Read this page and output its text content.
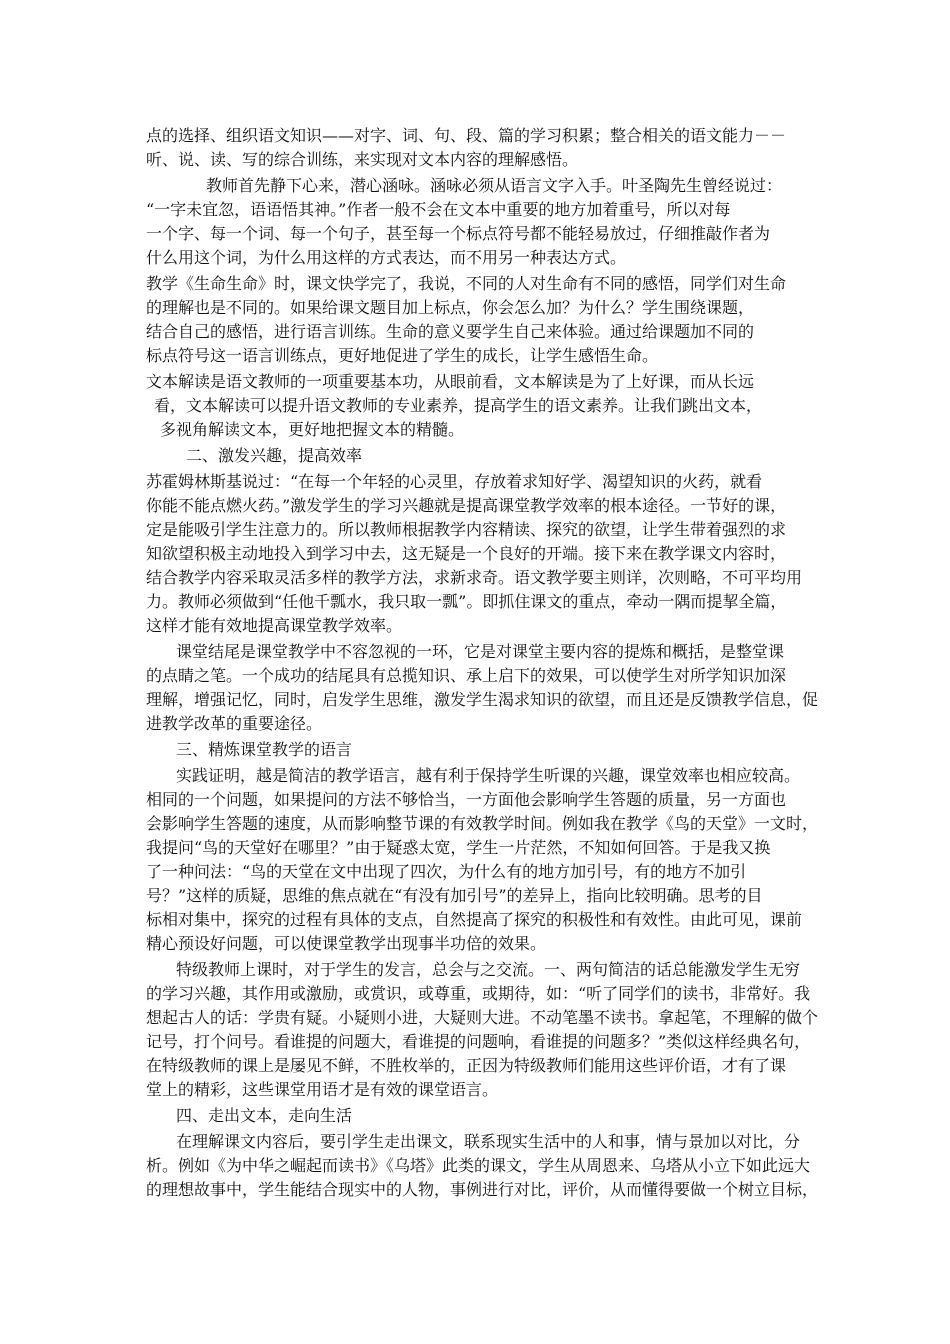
点的选择、组织语文知识——对字、词、句、段、篇的学习积累；整合相关的语文能力－－
听、说、读、写的综合训练，来实现对文本内容的理解感悟。
教师首先静下心来，潜心涵咏。涵咏必须从语言文字入手。叶圣陶先生曾经说过：
“一字未宜忽，语语悟其神。”作者一般不会在文本中重要的地方加着重号，所以对每
一个字、每一个词、每一个句子，甚至每一个标点符号都不能轻易放过，仔细推敲作者为
什么用这个词，为什么用这样的方式表达，而不用另一种表达方式。
教学《生命生命》时，课文快学完了，我说，不同的人对生命有不同的感悟，同学们对生命
的理解也是不同的。如果给课文题目加上标点，你会怎么加？为什么？学生围绕课题，
结合自己的感悟，进行语言训练。生命的意义要学生自己来体验。通过给课题加不同的
标点符号这一语言训练点，更好地促进了学生的成长，让学生感悟生命。
文本解读是语文教师的一项重要基本功，从眼前看，文本解读是为了上好课，而从长远
看，文本解读可以提升语文教师的专业素养，提高学生的语文素养。让我们跳出文本，
多视角解读文本，更好地把握文本的精髓。
二、激发兴趣，提高效率
苏霍姆林斯基说过：“在每一个年轻的心灵里，存放着求知好学、渴望知识的火药，就看
你能不能点燃火药。”激发学生的学习兴趣就是提高课堂教学效率的根本途径。一节好的课，
定是能吸引学生注意力的。所以教师根据教学内容精读、探究的欲望，让学生带着强烈的求
知欲望积极主动地投入到学习中去，这无疑是一个良好的开端。接下来在教学课文内容时，
结合教学内容采取灵活多样的教学方法，求新求奇。语文教学要主则详，次则略，不可平均用
力。教师必须做到“任他千瓢水，我只取一瓢”。即抓住课文的重点，牵动一隅而提挈全篇，
这样才能有效地提高课堂教学效率。
课堂结尾是课堂教学中不容忽视的一环，它是对课堂主要内容的提炼和概括，是整堂课
的点睛之笔。一个成功的结尾具有总揽知识、承上启下的效果，可以使学生对所学知识加深
理解，增强记忆，同时，启发学生思维，激发学生渴求知识的欲望，而且还是反馈教学信息，促
进教学改革的重要途径。
三、精炼课堂教学的语言
实践证明，越是简洁的教学语言，越有利于保持学生听课的兴趣，课堂效率也相应较高。
相同的一个问题，如果提问的方法不够恰当，一方面他会影响学生答题的质量，另一方面也
会影响学生答题的速度，从而影响整节课的有效教学时间。例如我在教学《鸟的天堂》一文时，
我提问“鸟的天堂好在哪里？”由于疑惑太宽，学生一片茫然，不知如何回答。于是我又换
了一种问法：“鸟的天堂在文中出现了四次，为什么有的地方加引号，有的地方不加引
号？”这样的质疑，思维的焦点就在“有没有加引号”的差异上，指向比较明确。思考的目
标相对集中，探究的过程有具体的支点，自然提高了探究的积极性和有效性。由此可见，课前
精心预设好问题，可以使课堂教学出现事半功倍的效果。
特级教师上课时，对于学生的发言，总会与之交流。一、两句简洁的话总能激发学生无穷
的学习兴趣，其作用或激励，或赏识，或尊重，或期待，如：“听了同学们的读书，非常好。我
想起古人的话：学贵有疑。小疑则小进，大疑则大进。不动笔墨不读书。拿起笔，不理解的做个
记号，打个问号。看谁提的问题大，看谁提的问题响，看谁提的问题多？”类似这样经典名句，
在特级教师的课上是屡见不鲜，不胜枚举的，正因为特级教师们能用这些评价语，才有了课
堂上的精彩，这些课堂用语才是有效的课堂语言。
四、走出文本，走向生活
在理解课文内容后，要引学生走出课文，联系现实生活中的人和事，情与景加以对比，分
析。例如《为中华之崛起而读书》《乌塔》此类的课文，学生从周恩来、乌塔从小立下如此远大
的理想故事中，学生能结合现实中的人物，事例进行对比，评价，从而懂得要做一个树立目标，
